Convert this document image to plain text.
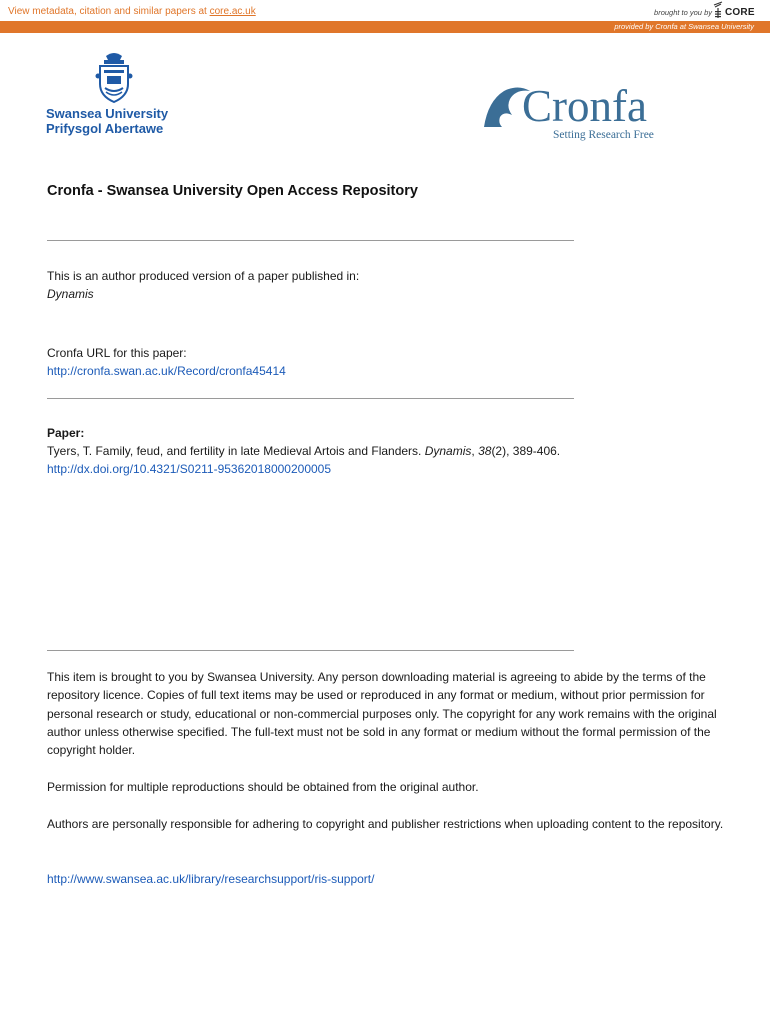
View metadata, citation and similar papers at core.ac.uk	brought to you by CORE
provided by Cronfa at Swansea University
Swansea University
Prifysgol Abertawe	Cronfa
Setting Research Free
Cronfa - Swansea University Open Access Repository
This is an author produced version of a paper published in:
Dynamis
Cronfa URL for this paper:
http://cronfa.swan.ac.uk/Record/cronfa45414
Paper:
Tyers, T. Family, feud, and fertility in late Medieval Artois and Flanders. Dynamis, 38(2), 389-406.
http://dx.doi.org/10.4321/S0211-95362018000200005
This item is brought to you by Swansea University. Any person downloading material is agreeing to abide by the terms of the repository licence. Copies of full text items may be used or reproduced in any format or medium, without prior permission for personal research or study, educational or non-commercial purposes only. The copyright for any work remains with the original author unless otherwise specified. The full-text must not be sold in any format or medium without the formal permission of the copyright holder.
Permission for multiple reproductions should be obtained from the original author.
Authors are personally responsible for adhering to copyright and publisher restrictions when uploading content to the repository.
http://www.swansea.ac.uk/library/researchsupport/ris-support/
